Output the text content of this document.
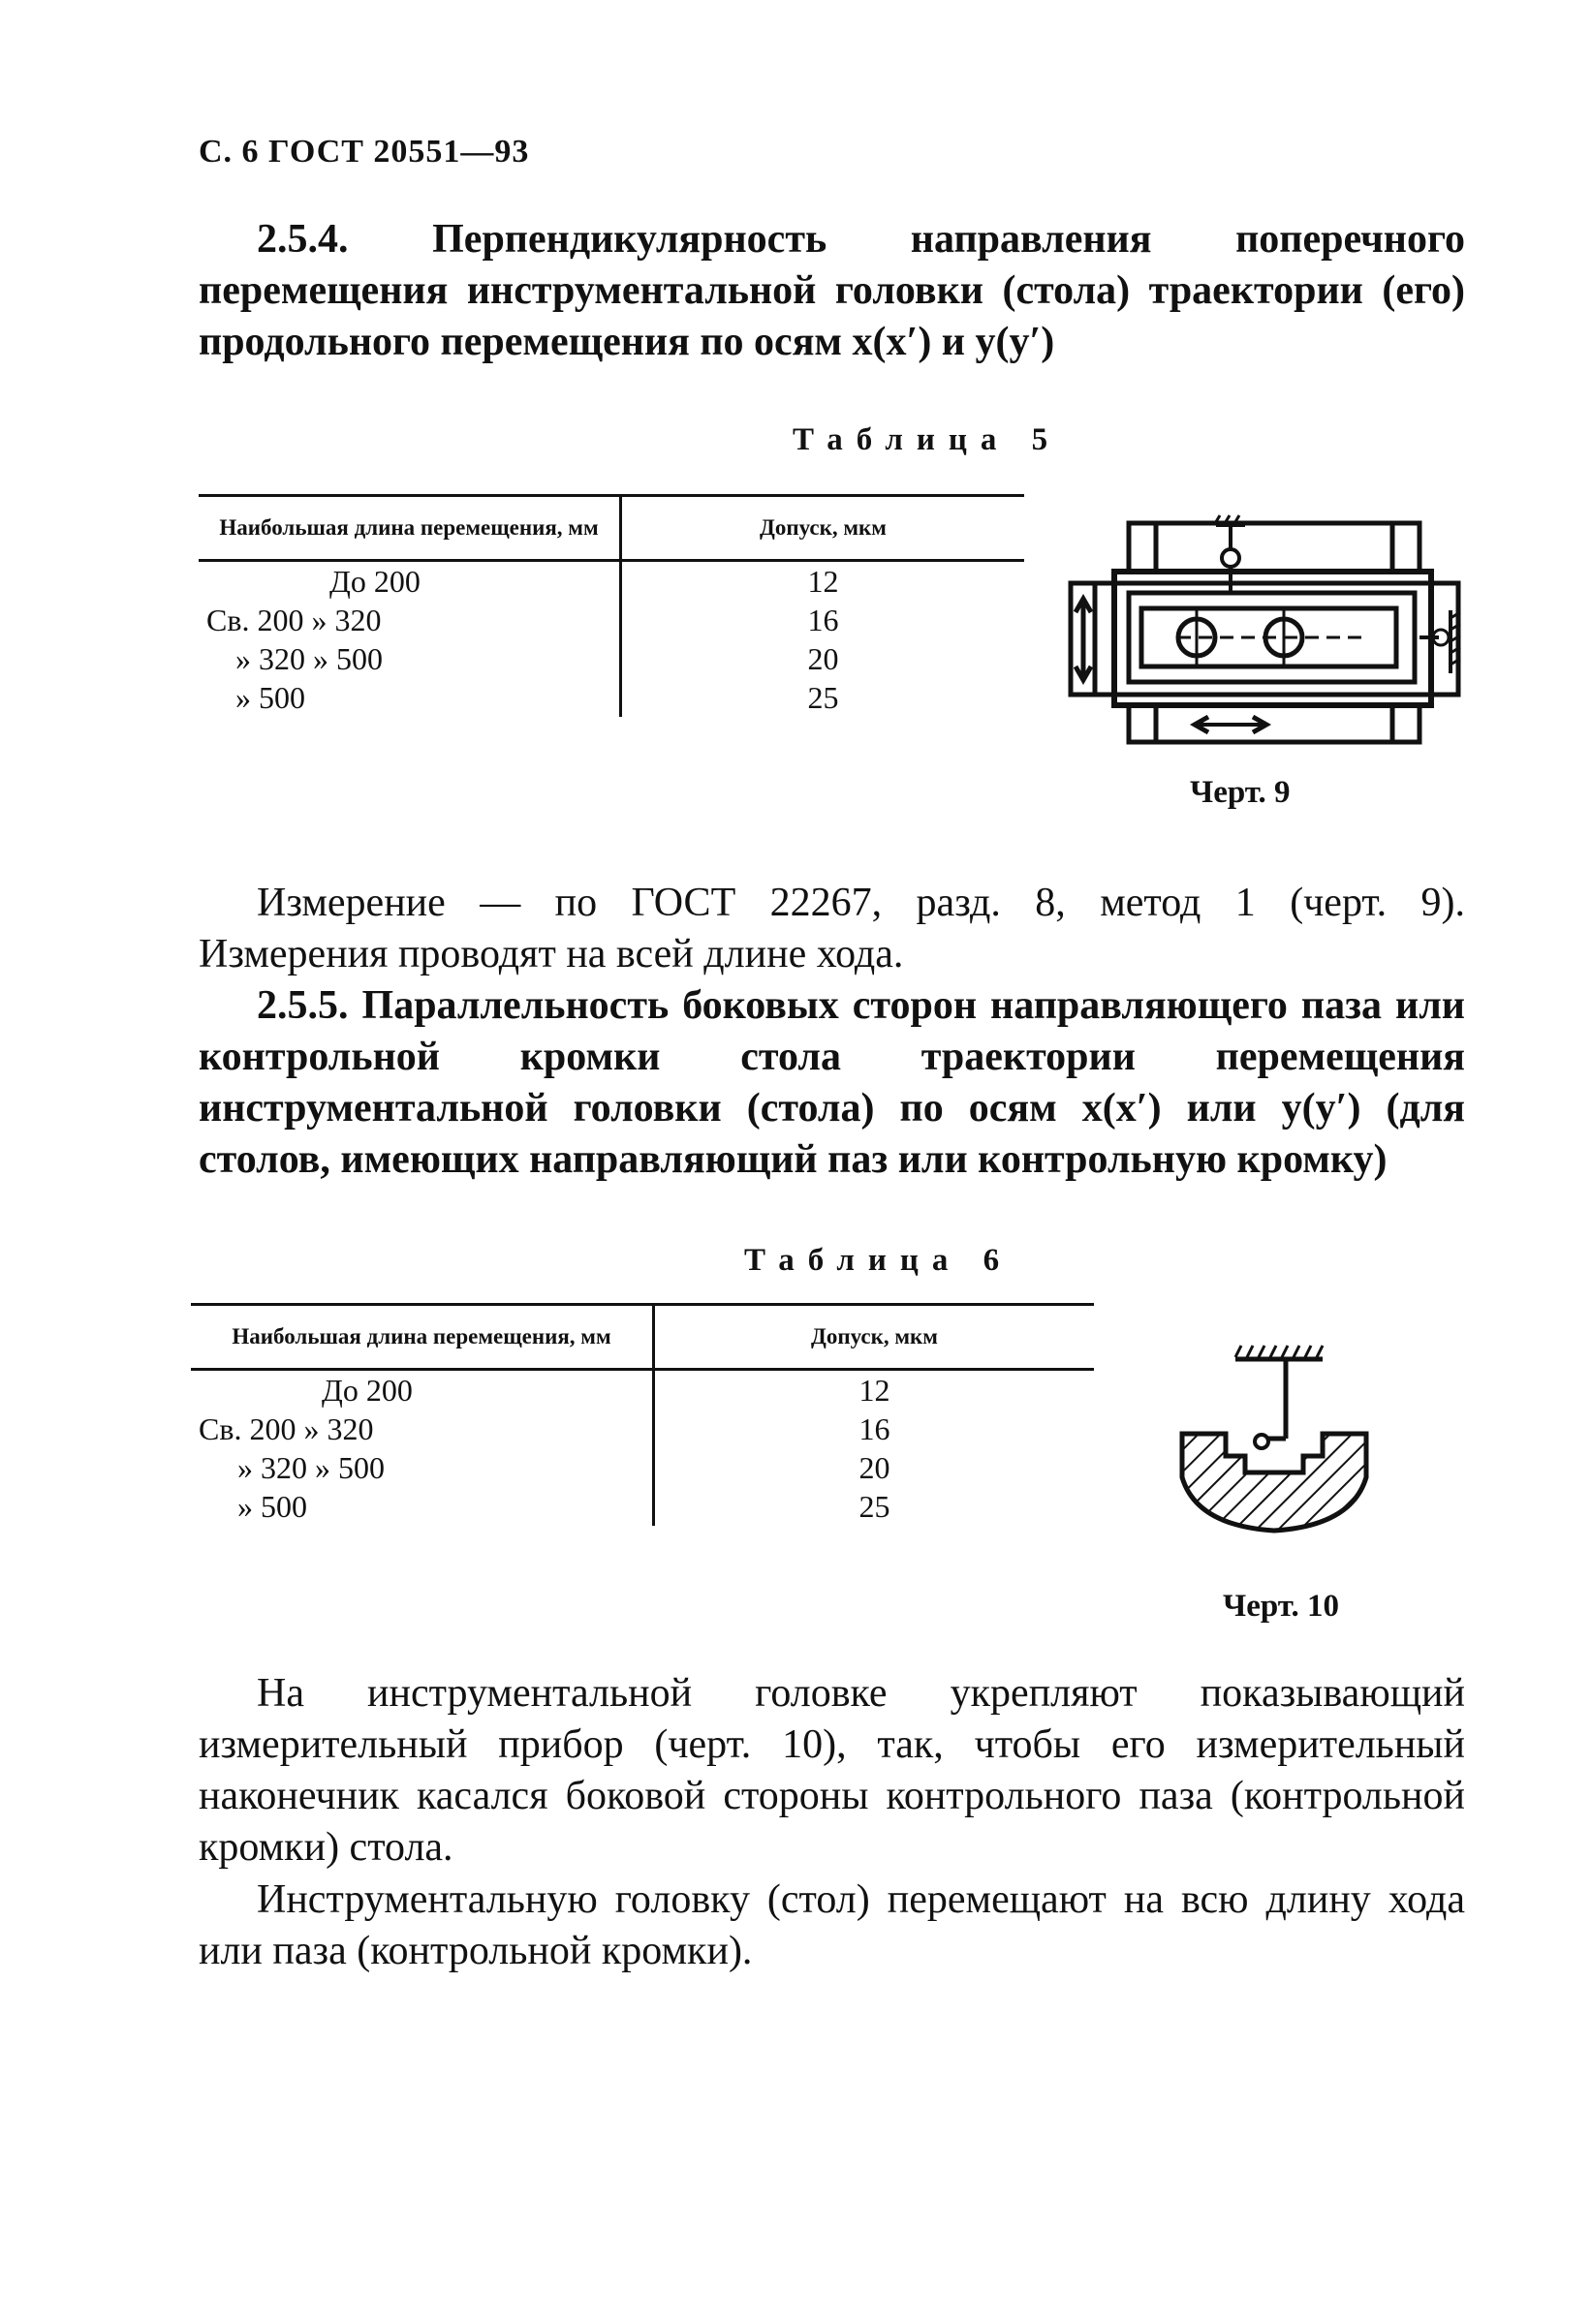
С. 6 ГОСТ 20551—93
2.5.4. Перпендикулярность направления поперечного перемещения инструментальной головки (стола) траектории (его) продольного перемещения по осям x(x′) и y(y′)
Таблица 5
Наибольшая длина перемещения, мм	Допуск, мкм
До 200	12
Св. 200 » 320	16
» 320 » 500	20
» 500	25
Черт. 9
Измерение — по ГОСТ 22267, разд. 8, метод 1 (черт. 9).
Измерения проводят на всей длине хода.
2.5.5. Параллельность боковых сторон направляющего паза или контрольной кромки стола траектории перемещения инструментальной головки (стола) по осям x(x′) или y(y′) (для столов, имеющих направляющий паз или контрольную кромку)
Таблица 6
Наибольшая длина перемещения, мм	Допуск, мкм
До 200	12
Св. 200 » 320	16
» 320 » 500	20
» 500	25
Черт. 10
На инструментальной головке укрепляют показывающий измерительный прибор (черт. 10), так, чтобы его измерительный наконечник касался боковой стороны контрольного паза (контрольной кромки) стола.
Инструментальную головку (стол) перемещают на всю длину хода или паза (контрольной кромки).
